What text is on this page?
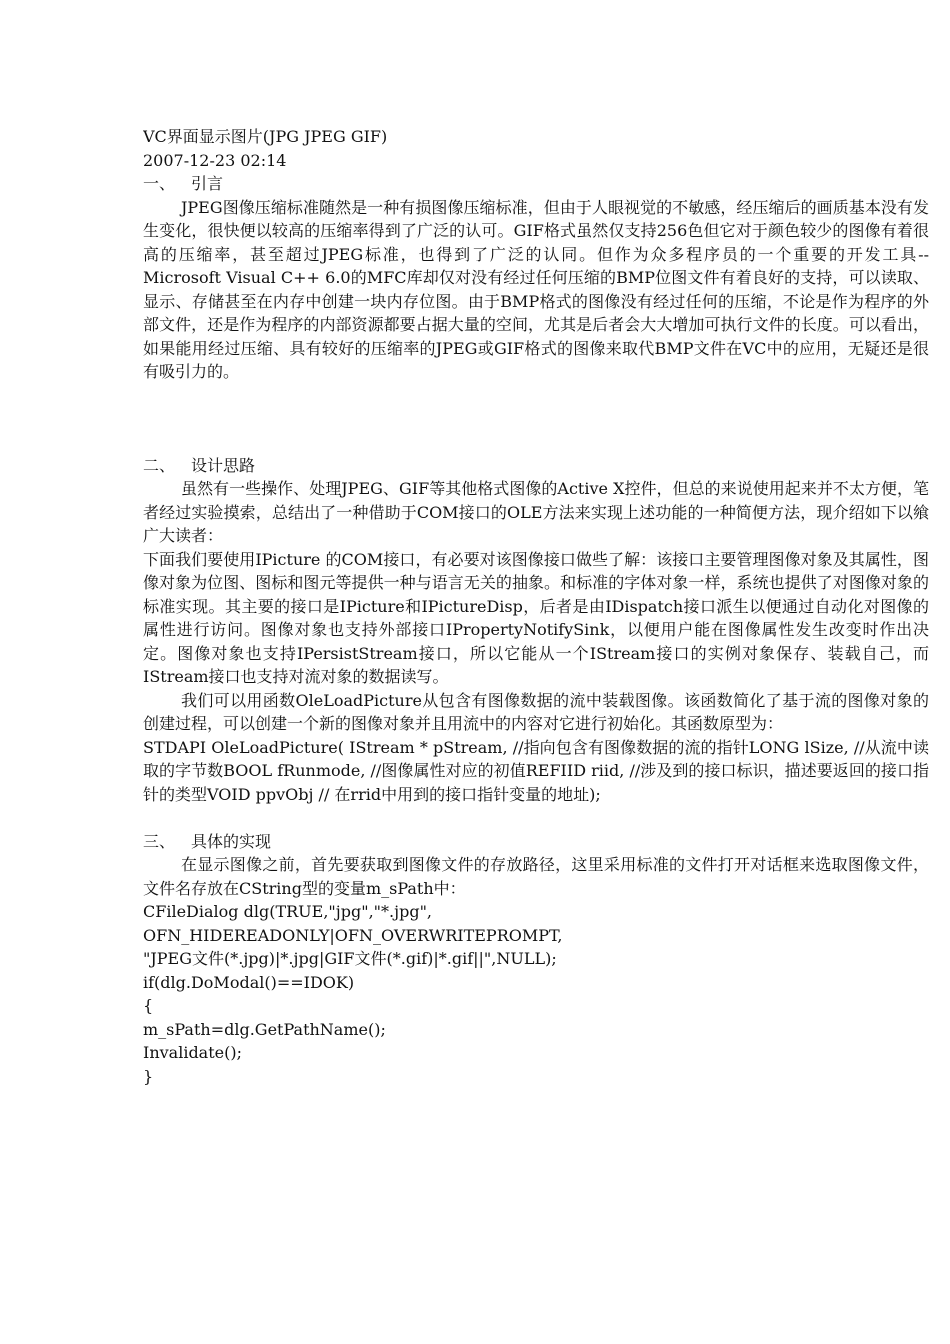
VC界面显示图片(JPG JPEG GIF)
2007-12-23 02:14
一、 引言

JPEG图像压缩标准随然是一种有损图像压缩标准，但由于人眼视觉的不敏感，经压缩后的画质基本没有发生变化，很快便以较高的压缩率得到了广泛的认可。GIF格式虽然仅支持256色但它对于颜色较少的图像有着很高的压缩率，甚至超过JPEG标准，也得到了广泛的认同。但作为众多程序员的一个重要的开发工具--Microsoft Visual C++ 6.0的MFC库却仅对没有经过任何压缩的BMP位图文件有着良好的支持，可以读取、显示、存储甚至在内存中创建一块内存位图。由于BMP格式的图像没有经过任何的压缩，不论是作为程序的外部文件，还是作为程序的内部资源都要占据大量的空间，尤其是后者会大大增加可执行文件的长度。可以看出，如果能用经过压缩、具有较好的压缩率的JPEG或GIF格式的图像来取代BMP文件在VC中的应用，无疑还是很有吸引力的。

二、 设计思路

虽然有一些操作、处理JPEG、GIF等其他格式图像的Active X控件，但总的来说使用起来并不太方便，笔者经过实验摸索，总结出了一种借助于COM接口的OLE方法来实现上述功能的一种简便方法，现介绍如下以飨广大读者：

下面我们要使用IPicture 的COM接口，有必要对该图像接口做些了解：该接口主要管理图像对象及其属性，图像对象为位图、图标和图元等提供一种与语言无关的抽象。和标准的字体对象一样，系统也提供了对图像对象的标准实现。其主要的接口是IPicture和IPictureDisp，后者是由IDispatch接口派生以便通过自动化对图像的属性进行访问。图像对象也支持外部接口IPropertyNotifySink，以便用户能在图像属性发生改变时作出决定。图像对象也支持IPersistStream接口，所以它能从一个IStream接口的实例对象保存、装载自己，而IStream接口也支持对流对象的数据读写。

我们可以用函数OleLoadPicture从包含有图像数据的流中装载图像。该函数简化了基于流的图像对象的创建过程，可以创建一个新的图像对象并且用流中的内容对它进行初始化。其函数原型为：

STDAPI OleLoadPicture( IStream * pStream, //指向包含有图像数据的流的指针LONG lSize, //从流中读取的字节数BOOL fRunmode, //图像属性对应的初值REFIID riid, //涉及到的接口标识，描述要返回的接口指针的类型VOID ppvObj // 在rrid中用到的接口指针变量的地址);

三、 具体的实现

在显示图像之前，首先要获取到图像文件的存放路径，这里采用标准的文件打开对话框来选取图像文件，文件名存放在CString型的变量m_sPath中：

CFileDialog dlg(TRUE,"jpg","*.jpg",
OFN_HIDEREADONLY|OFN_OVERWRITEPROMPT,
"JPEG文件(*.jpg)|*.jpg|GIF文件(*.gif)|*.gif||",NULL);
if(dlg.DoModal()==IDOK)
{
m_sPath=dlg.GetPathName();
Invalidate();
}
